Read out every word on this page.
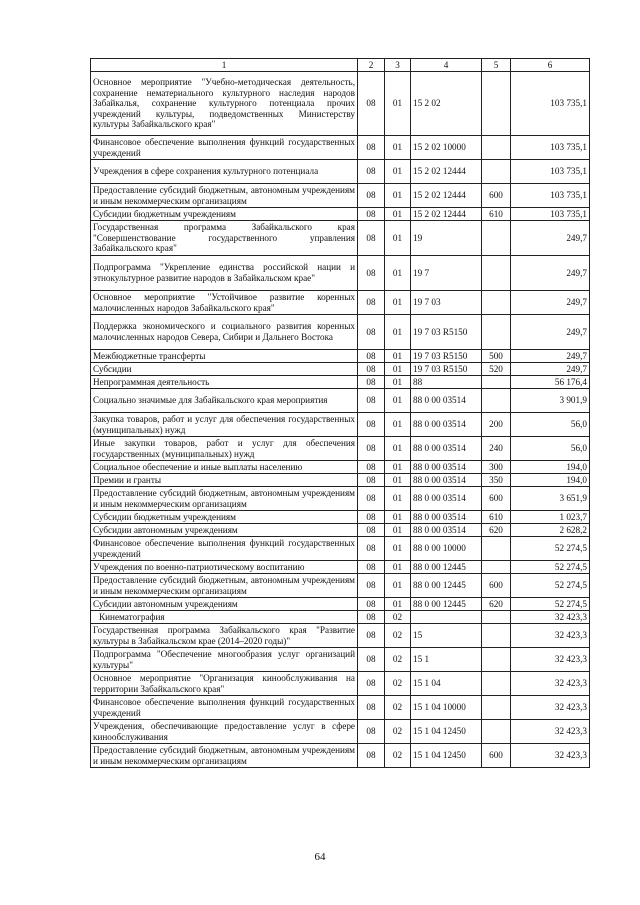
1	2	3	4	5	6
Основное мероприятие "Учебно-методическая деятельность, сохранение нематериального культурного наследия народов Забайкалья, сохранение культурного потенциала прочих учреждений культуры, подведомственных Министерству культуры Забайкальского края"	08	01	15 2 02		103 735,1
Финансовое обеспечение выполнения функций государственных учреждений	08	01	15 2 02 10000		103 735,1
Учреждения в сфере сохранения культурного потенциала	08	01	15 2 02 12444		103 735,1
Предоставление субсидий бюджетным, автономным учреждениям и иным некоммерческим организациям	08	01	15 2 02 12444	600	103 735,1
Субсидии бюджетным учреждениям	08	01	15 2 02 12444	610	103 735,1
Государственная программа Забайкальского края "Совершенствование государственного управления Забайкальского края"	08	01	19		249,7
Подпрограмма "Укрепление единства российской нации и этнокультурное развитие народов в Забайкальском крае"	08	01	19 7		249,7
Основное мероприятие "Устойчивое развитие коренных малочисленных народов Забайкальского края"	08	01	19 7 03		249,7
Поддержка экономического и социального развития коренных малочисленных народов Севера, Сибири и Дальнего Востока	08	01	19 7 03 R5150		249,7
Межбюджетные трансферты	08	01	19 7 03 R5150	500	249,7
Субсидии	08	01	19 7 03 R5150	520	249,7
Непрограммная деятельность	08	01	88		56 176,4
Социально значимые для Забайкальского края мероприятия	08	01	88 0 00 03514		3 901,9
Закупка товаров, работ и услуг для обеспечения государственных (муниципальных) нужд	08	01	88 0 00 03514	200	56,0
Иные закупки товаров, работ и услуг для обеспечения государственных (муниципальных) нужд	08	01	88 0 00 03514	240	56,0
Социальное обеспечение и иные выплаты населению	08	01	88 0 00 03514	300	194,0
Премии и гранты	08	01	88 0 00 03514	350	194,0
Предоставление субсидий бюджетным, автономным учреждениям и иным некоммерческим организациям	08	01	88 0 00 03514	600	3 651,9
Субсидии бюджетным учреждениям	08	01	88 0 00 03514	610	1 023,7
Субсидии автономным учреждениям	08	01	88 0 00 03514	620	2 628,2
Финансовое обеспечение выполнения функций государственных учреждений	08	01	88 0 00 10000		52 274,5
Учреждения по военно-патриотическому воспитанию	08	01	88 0 00 12445		52 274,5
Предоставление субсидий бюджетным, автономным учреждениям и иным некоммерческим организациям	08	01	88 0 00 12445	600	52 274,5
Субсидии автономным учреждениям	08	01	88 0 00 12445	620	52 274,5
Кинематография	08	02			32 423,3
Государственная программа Забайкальского края "Развитие культуры в Забайкальском крае (2014–2020 годы)"	08	02	15		32 423,3
Подпрограмма "Обеспечение многообразия услуг организаций культуры"	08	02	15 1		32 423,3
Основное мероприятие "Организация кинообслуживания на территории Забайкальского края"	08	02	15 1 04		32 423,3
Финансовое обеспечение выполнения функций государственных учреждений	08	02	15 1 04 10000		32 423,3
Учреждения, обеспечивающие предоставление услуг в сфере кинообслуживания	08	02	15 1 04 12450		32 423,3
Предоставление субсидий бюджетным, автономным учреждениям и иным некоммерческим организациям	08	02	15 1 04 12450	600	32 423,3
64
